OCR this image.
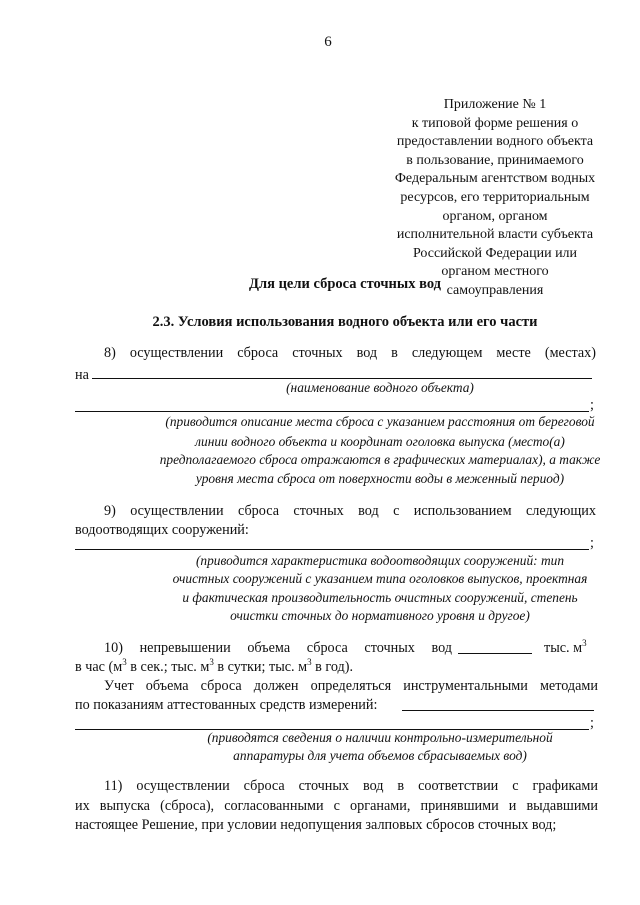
6
Приложение № 1
к типовой форме решения о
предоставлении водного объекта
в пользование, принимаемого
Федеральным агентством водных
ресурсов, его территориальным
органом, органом
исполнительной власти субъекта
Российской Федерации или
органом местного
самоуправления
Для цели сброса сточных вод
2.3. Условия использования водного объекта или его части
8) осуществлении сброса сточных вод в следующем месте (местах)
на
(наименование водного объекта)
;
(приводится описание места сброса с указанием расстояния от береговой
линии водного объекта и координат оголовка выпуска (место(а)
предполагаемого сброса отражаются в графических материалах), а также
уровня места сброса от поверхности воды в меженный период)
9) осуществлении сброса сточных вод с использованием следующих
водоотводящих сооружений:
;
(приводится характеристика водоотводящих сооружений: тип
очистных сооружений с указанием типа оголовков выпусков, проектная
и фактическая производительность очистных сооружений, степень
очистки сточных до нормативного уровня и другое)
10) непревышении объема сброса сточных вод	тыс. $м^3$
в час ($м^3$ в сек.; тыс. $м^3$ в сутки; тыс. $м^3$ в год).
Учет объема сброса должен определяться инструментальными методами
по показаниям аттестованных средств измерений:
;
(приводятся сведения о наличии контрольно-измерительной
аппаратуры для учета объемов сбрасываемых вод)
11) осуществлении сброса сточных вод в соответствии с графиками
их выпуска (сброса), согласованными с органами, принявшими и выдавшими
настоящее Решение, при условии недопущения залповых сбросов сточных вод;
